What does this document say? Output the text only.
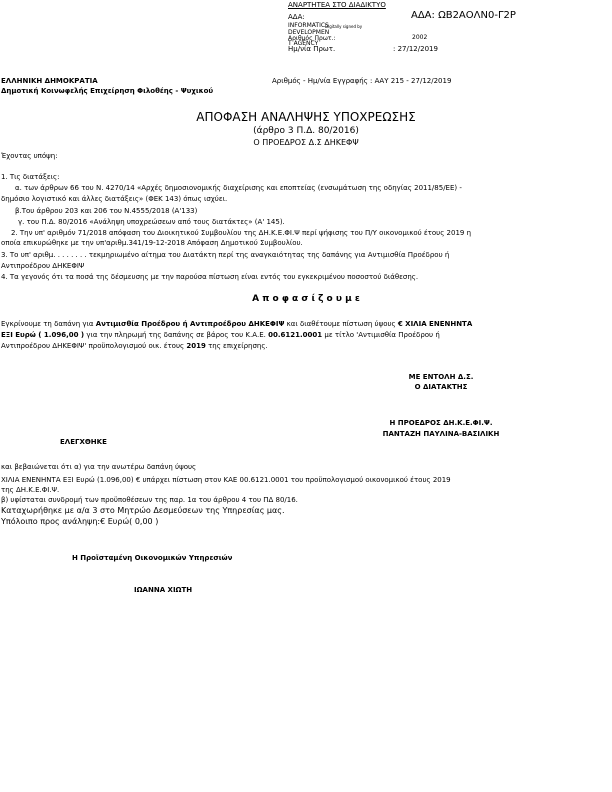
ΑΝΑΡΤΗΤΕΑ ΣΤΟ ΔΙΑΔΙΚΤΥΟ
ΑΔΑ:	ΑΔΑ: ΩΒ2ΑΟΛΝ0-Γ2Ρ
INFORMATICS
Digitally signed by
DEVELOPMEN
Αριθμός Πρωτ.:	2002
T AGENCY
Ημ/νία Πρωτ.	: 27/12/2019
ΕΛΛΗΝΙΚΗ ΔΗΜΟΚΡΑΤΙΑ
Δημοτική Κοινωφελής Επιχείρηση Φιλοθέης - Ψυχικού
Αριθμός - Ημ/νία Εγγραφής : ΑΑΥ 215 - 27/12/2019
ΑΠΟΦΑΣΗ ΑΝΑΛΗΨΗΣ ΥΠΟΧΡΕΩΣΗΣ
(άρθρο 3 Π.Δ. 80/2016)
Ο ΠΡΟΕΔΡΟΣ Δ.Σ ΔΗΚΕΦΨ
Έχοντας υπόψη:
1. Τις διατάξεις:
α. των άρθρων 66 του Ν. 4270/14 «Αρχές δημοσιονομικής διαχείρισης και εποπτείας (ενσωμάτωση της οδηγίας 2011/85/ΕΕ) -
δημόσιο λογιστικό και άλλες διατάξεις» (ΦΕΚ 143) όπως ισχύει.
β.Του άρθρου 203 και 206 του Ν.4555/2018 (Α'133)
γ. του Π.Δ. 80/2016 «Ανάληψη υποχρεώσεων από τους διατάκτες» (Α' 145).
2. Την υπ' αριθμόν 71/2018 απόφαση του Διοικητικού Συμβουλίου της ΔΗ.Κ.Ε.ΦΙ.Ψ περί ψήφισης του Π/Υ οικονομικού έτους 2019 η
οποία επικυρώθηκε με την υπ'αριθμ.341/19-12-2018 Απόφαση Δημοτικού Συμβουλίου.
3. Το υπ' αριθμ. . . . . . . . τεκμηριωμένο αίτημα του Διατάκτη περί της αναγκαιότητας της δαπάνης για Αντιμισθία Προέδρου ή
Αντιπροέδρου ΔΗΚΕΦΙΨ
4. Τα γεγονός ότι τα ποσά της δέσμευσης με την παρούσα πίστωση είναι εντός του εγκεκριμένου ποσοστού διάθεσης.
Α π ο φ α σ ί ζ ο υ μ ε
Εγκρίνουμε τη δαπάνη για Αντιμισθία Προέδρου ή Αντιπροέδρου ΔΗΚΕΦΙΨ και διαθέτουμε πίστωση ύψους € ΧΙΛΙΑ ΕΝΕΝΗΝΤΑ
ΕΞΙ Ευρώ ( 1.096,00 ) για την πληρωμή της δαπάνης σε βάρος του Κ.Α.Ε. 00.6121.0001 με τίτλο 'Αντιμισθία Προέδρου ή
Αντιπροέδρου ΔΗΚΕΦΙΨ' προϋπολογισμού οικ. έτους 2019 της επιχείρησης.
ΜΕ ΕΝΤΟΛΗ Δ.Σ.
Ο ΔΙΑΤΑΚΤΗΣ
Η ΠΡΟΕΔΡΟΣ ΔΗ.Κ.Ε.ΦΙ.Ψ.
ΠΑΝΤΑΖΗ ΠΑΥΛΙΝΑ-ΒΑΣΙΛΙΚΗ
ΕΛΕΓΧΘΗΚΕ
και βεβαιώνεται ότι α) για την ανωτέρω δαπάνη ύψους
ΧΙΛΙΑ ΕΝΕΝΗΝΤΑ ΕΞΙ Ευρώ (1.096,00) € υπάρχει πίστωση στον ΚΑΕ 00.6121.0001 του προϋπολογισμού οικονομικού έτους 2019
της ΔΗ.Κ.Ε.ΦΙ.Ψ.
β) υφίσταται συνδρομή των προϋποθέσεων της παρ. 1α του άρθρου 4 του ΠΔ 80/16.
Καταχωρήθηκε με α/α 3 στο Μητρώο Δεσμεύσεων της Υπηρεσίας μας.
Υπόλοιπο προς ανάληψη:€ Ευρώ( 0,00 )
Η Προϊσταμένη Οικονομικών Υπηρεσιών
ΙΩΑΝΝΑ ΧΙΩΤΗ
